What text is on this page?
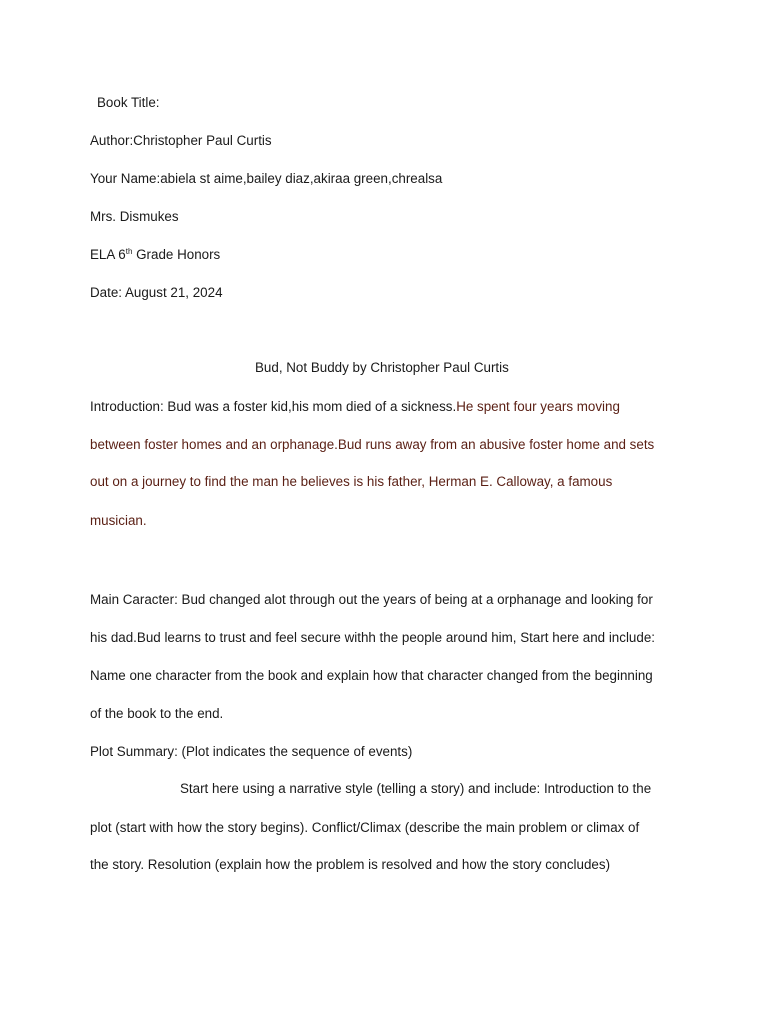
Book Title:
Author:Christopher Paul Curtis
Your Name:abiela st aime,bailey diaz,akiraa green,chrealsa
Mrs. Dismukes
ELA 6th Grade Honors
Date: August 21, 2024
Bud, Not Buddy by Christopher Paul Curtis
Introduction: Bud was a foster kid,his mom died of a sickness.He spent four years moving
between foster homes and an orphanage.Bud runs away from an abusive foster home and sets
out on a journey to find the man he believes is his father, Herman E. Calloway, a famous
musician.
Main Caracter: Bud changed alot through out the years of being at a orphanage and looking for
his dad.Bud learns to trust and feel secure withh the people around him, Start here and include:
Name one character from the book and explain how that character changed from the beginning
of the book to the end.
Plot Summary: (Plot indicates the sequence of events)
Start here using a narrative style (telling a story) and include: Introduction to the
plot (start with how the story begins). Conflict/Climax (describe the main problem or climax of
the story. Resolution (explain how the problem is resolved and how the story concludes)
